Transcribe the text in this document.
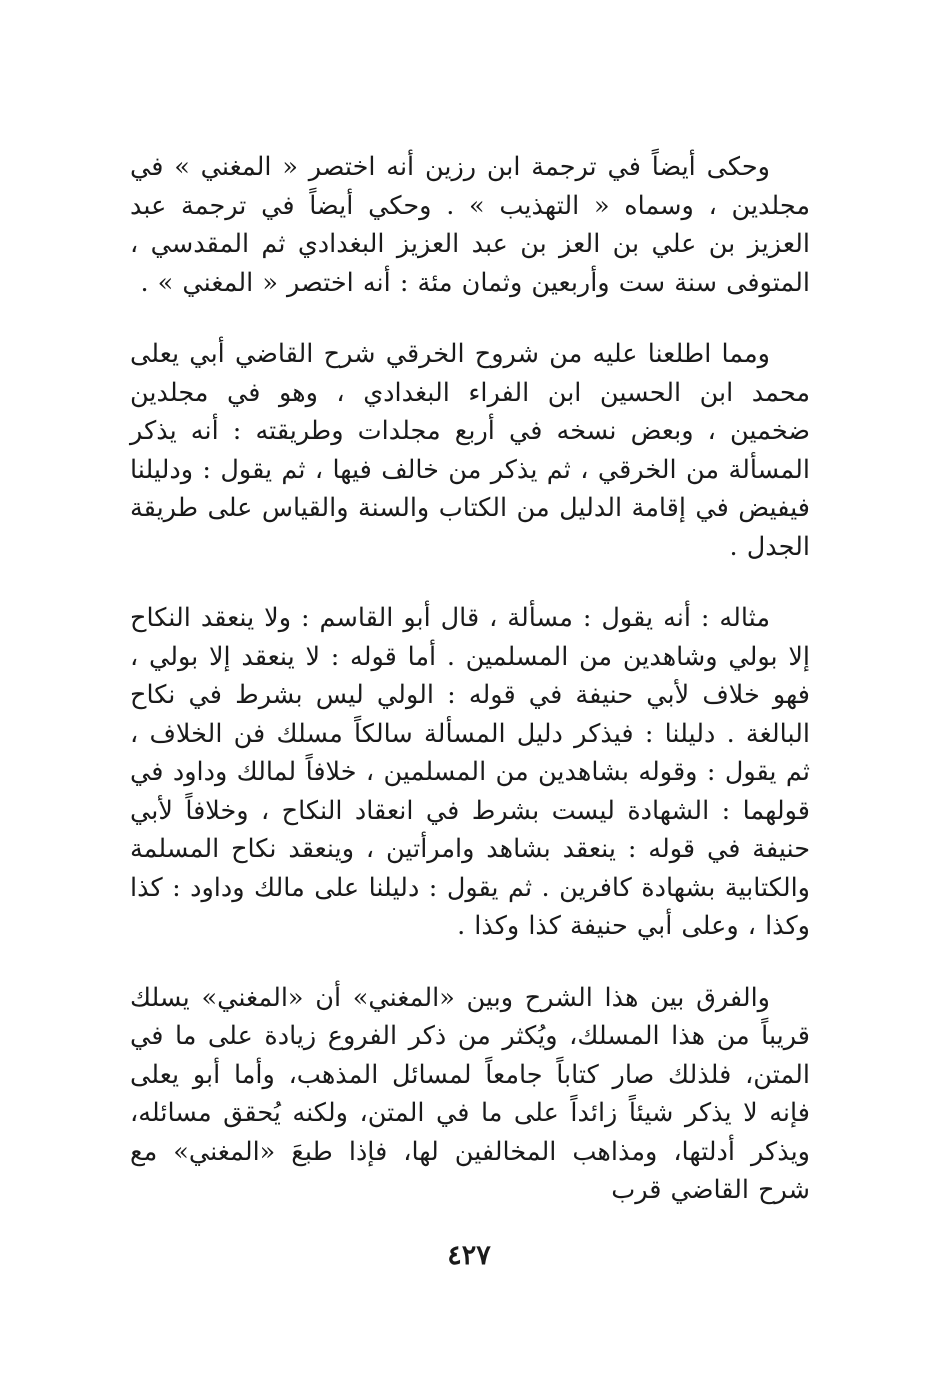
وحكى أيضاً في ترجمة ابن رزين أنه اختصر « المغني » في مجلدين ، وسماه « التهذيب » . وحكي أيضاً في ترجمة عبد العزيز بن علي بن العز بن عبد العزيز البغدادي ثم المقدسي ، المتوفى سنة ست وأربعين وثمان مئة : أنه اختصر « المغني » .

ومما اطلعنا عليه من شروح الخرقي شرح القاضي أبي يعلى محمد ابن الحسين ابن الفراء البغدادي ، وهو في مجلدين ضخمين ، وبعض نسخه في أربع مجلدات وطريقته : أنه يذكر المسألة من الخرقي ، ثم يذكر من خالف فيها ، ثم يقول : ودليلنا فيفيض في إقامة الدليل من الكتاب والسنة والقياس على طريقة الجدل .

مثاله : أنه يقول : مسألة ، قال أبو القاسم : ولا ينعقد النكاح إلا بولي وشاهدين من المسلمين . أما قوله : لا ينعقد إلا بولي ، فهو خلاف لأبي حنيفة في قوله : الولي ليس بشرط في نكاح البالغة . دليلنا : فيذكر دليل المسألة سالكاً مسلك فن الخلاف ، ثم يقول : وقوله بشاهدين من المسلمين ، خلافاً لمالك وداود في قولهما : الشهادة ليست بشرط في انعقاد النكاح ، وخلافاً لأبي حنيفة في قوله : ينعقد بشاهد وامرأتين ، وينعقد نكاح المسلمة والكتابية بشهادة كافرين . ثم يقول : دليلنا على مالك وداود : كذا وكذا ، وعلى أبي حنيفة كذا وكذا .

والفرق بين هذا الشرح وبين «المغني» أن «المغني» يسلك قريباً من هذا المسلك، ويُكثر من ذكر الفروع زيادة على ما في المتن، فلذلك صار كتاباً جامعاً لمسائل المذهب، وأما أبو يعلى فإنه لا يذكر شيئاً زائداً على ما في المتن، ولكنه يُحقق مسائله، ويذكر أدلتها، ومذاهب المخالفين لها، فإذا طبعَ «المغني» مع شرح القاضي قرب

٤٢٧
